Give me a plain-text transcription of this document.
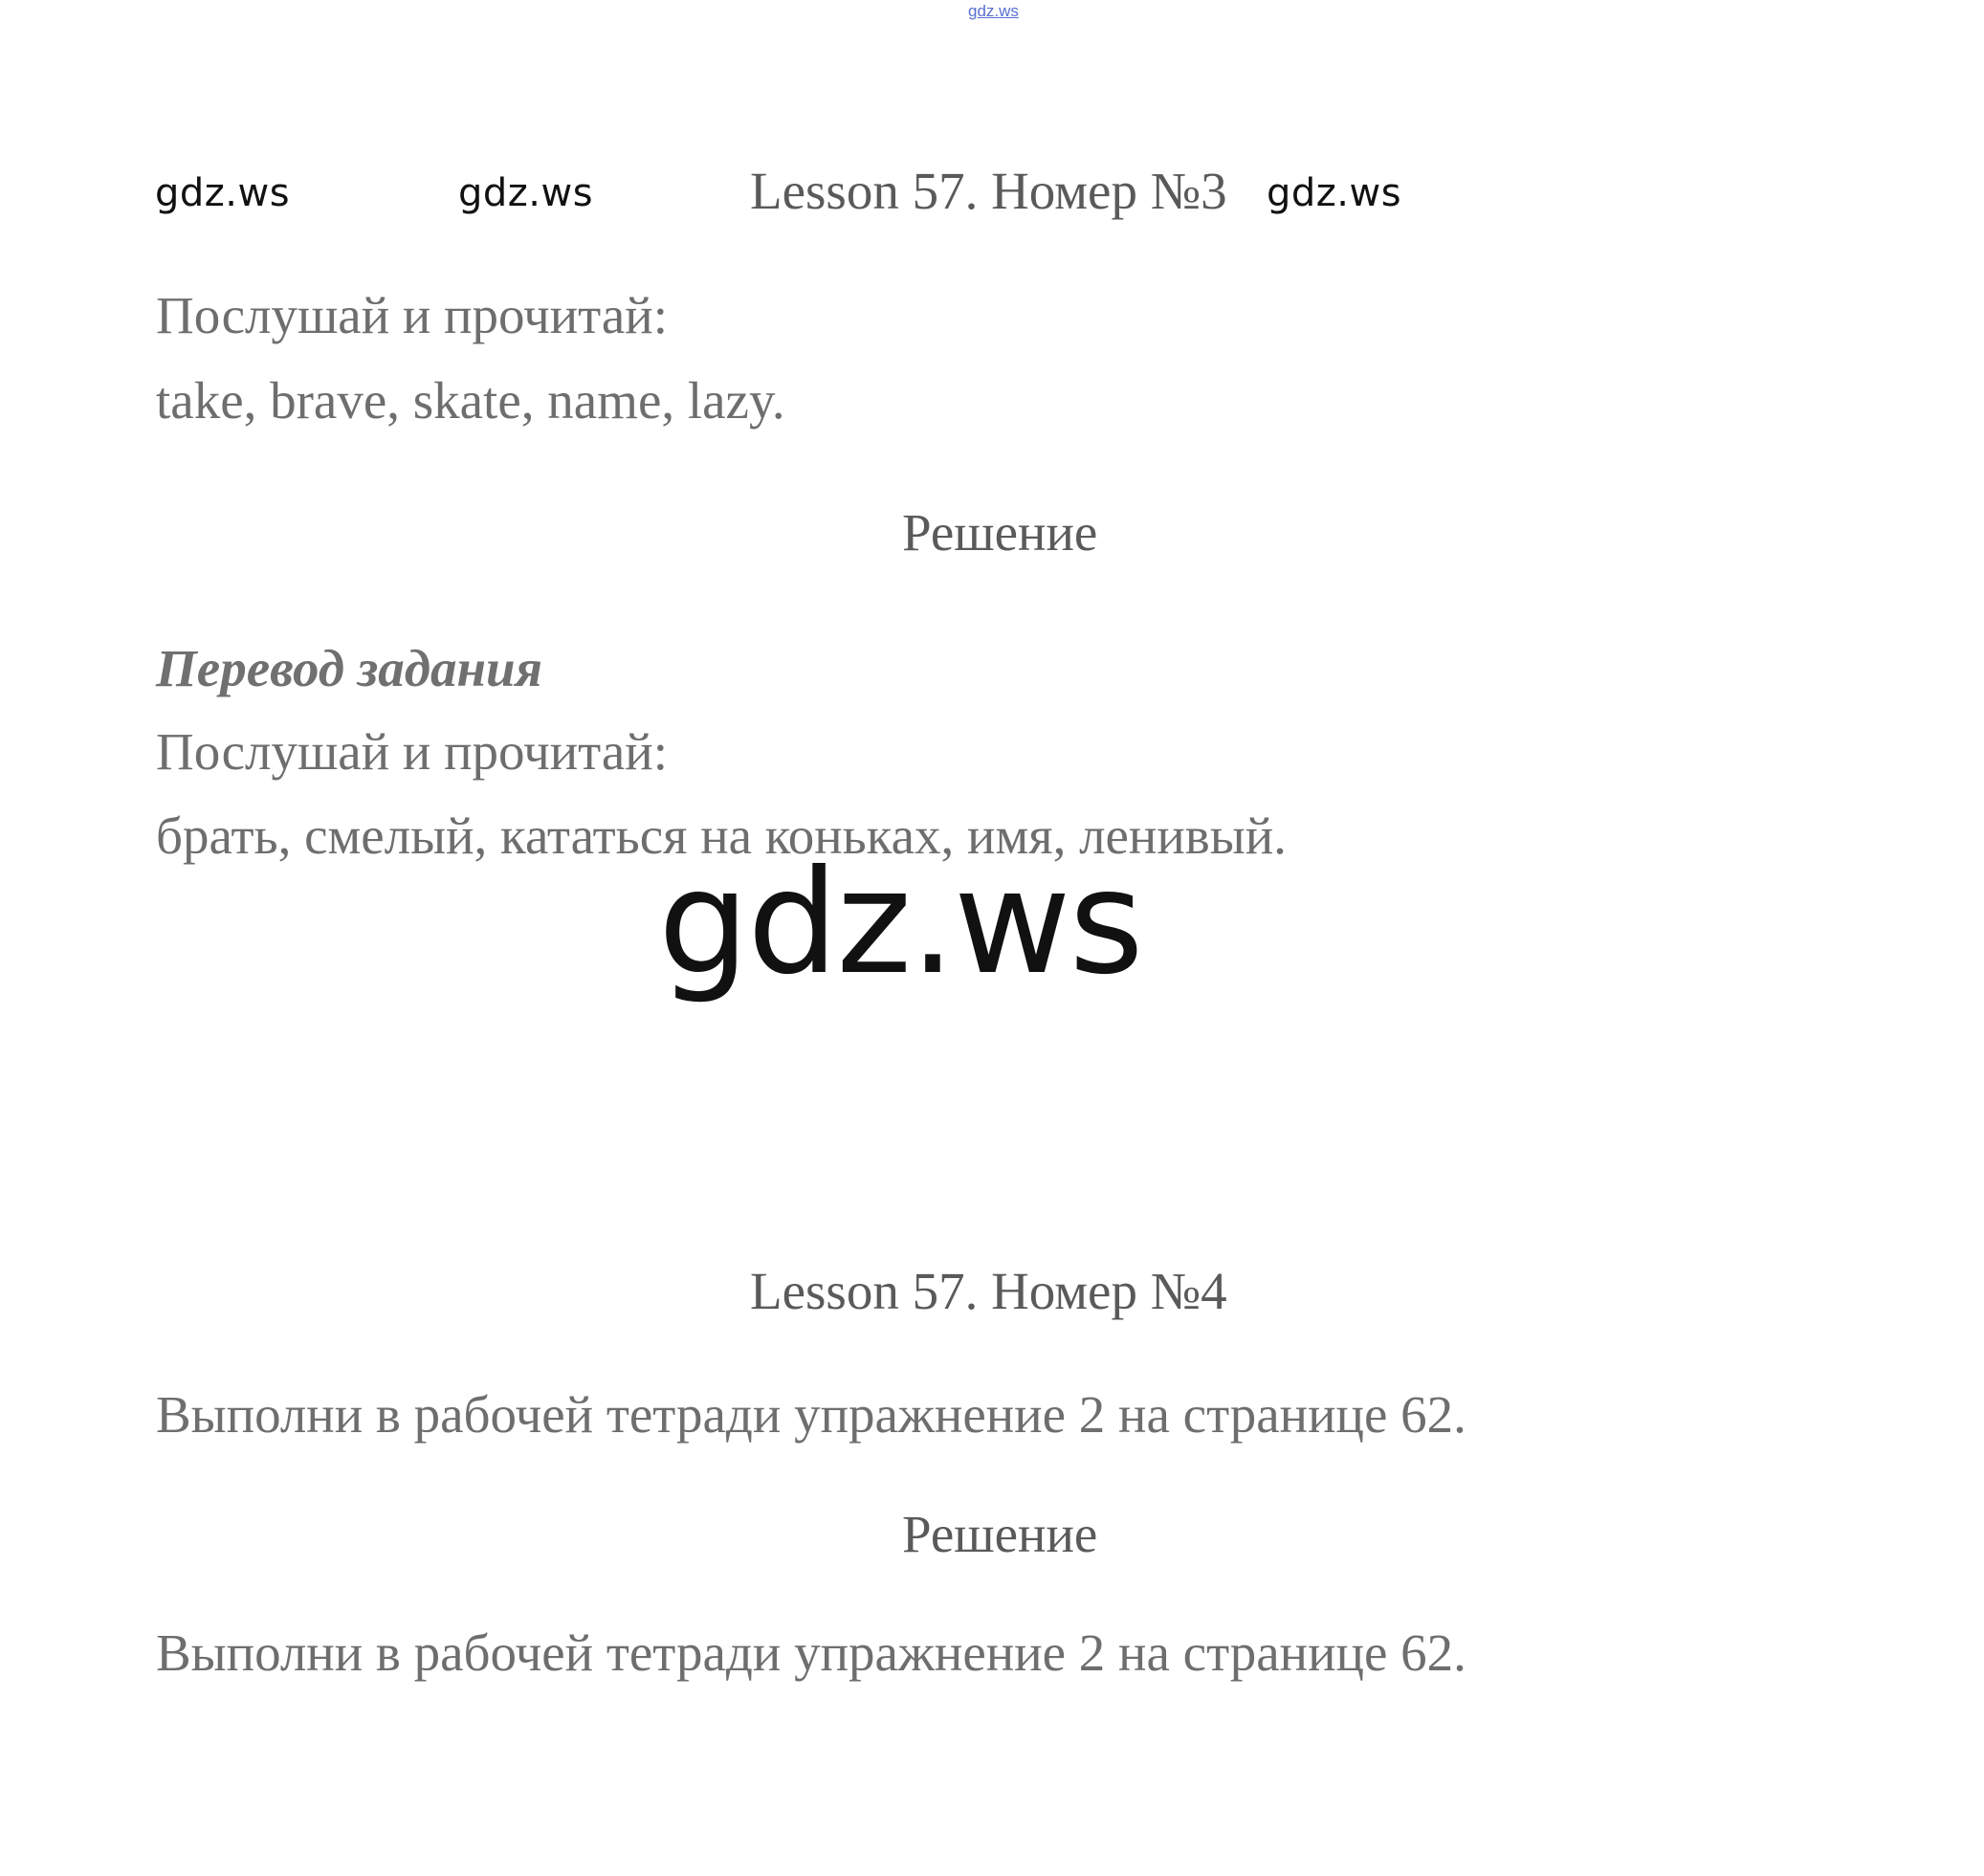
gdz.ws
gdz.ws	gdz.ws	Lesson 57. Номер №3 gdz.ws
Послушай и прочитай:
take, brave, skate, name, lazy.
Решение
Перевод задания
Послушай и прочитай:
брать, смелый, кататься на коньках, имя, ленивый.
gdz.ws
Lesson 57. Номер №4
Выполни в рабочей тетради упражнение 2 на странице 62.
Решение
Выполни в рабочей тетради упражнение 2 на странице 62.
